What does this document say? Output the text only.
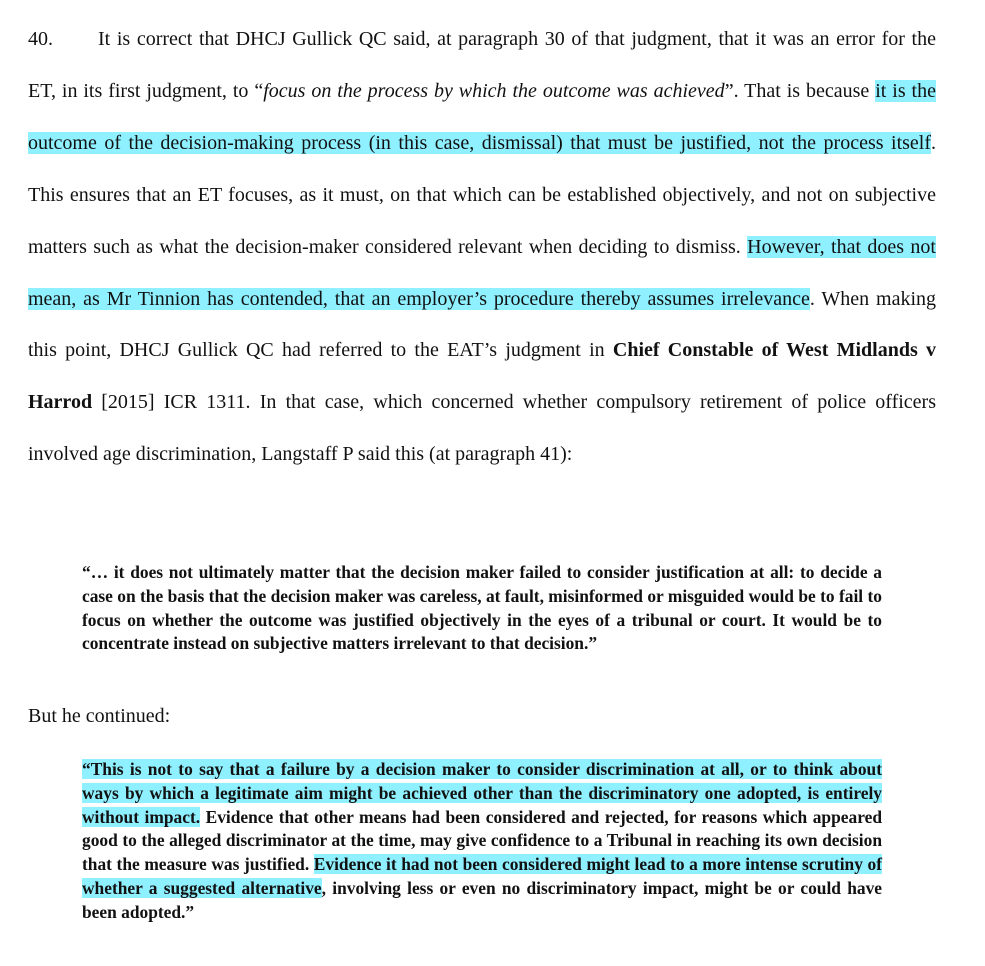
40. It is correct that DHCJ Gullick QC said, at paragraph 30 of that judgment, that it was an error for the ET, in its first judgment, to “focus on the process by which the outcome was achieved”. That is because it is the outcome of the decision-making process (in this case, dismissal) that must be justified, not the process itself. This ensures that an ET focuses, as it must, on that which can be established objectively, and not on subjective matters such as what the decision-maker considered relevant when deciding to dismiss. However, that does not mean, as Mr Tinnion has contended, that an employer’s procedure thereby assumes irrelevance. When making this point, DHCJ Gullick QC had referred to the EAT’s judgment in Chief Constable of West Midlands v Harrod [2015] ICR 1311. In that case, which concerned whether compulsory retirement of police officers involved age discrimination, Langstaff P said this (at paragraph 41):

“… it does not ultimately matter that the decision maker failed to consider justification at all: to decide a case on the basis that the decision maker was careless, at fault, misinformed or misguided would be to fail to focus on whether the outcome was justified objectively in the eyes of a tribunal or court. It would be to concentrate instead on subjective matters irrelevant to that decision.”

But he continued:

“This is not to say that a failure by a decision maker to consider discrimination at all, or to think about ways by which a legitimate aim might be achieved other than the discriminatory one adopted, is entirely without impact. Evidence that other means had been considered and rejected, for reasons which appeared good to the alleged discriminator at the time, may give confidence to a Tribunal in reaching its own decision that the measure was justified. Evidence it had not been considered might lead to a more intense scrutiny of whether a suggested alternative, involving less or even no discriminatory impact, might be or could have been adopted.”
